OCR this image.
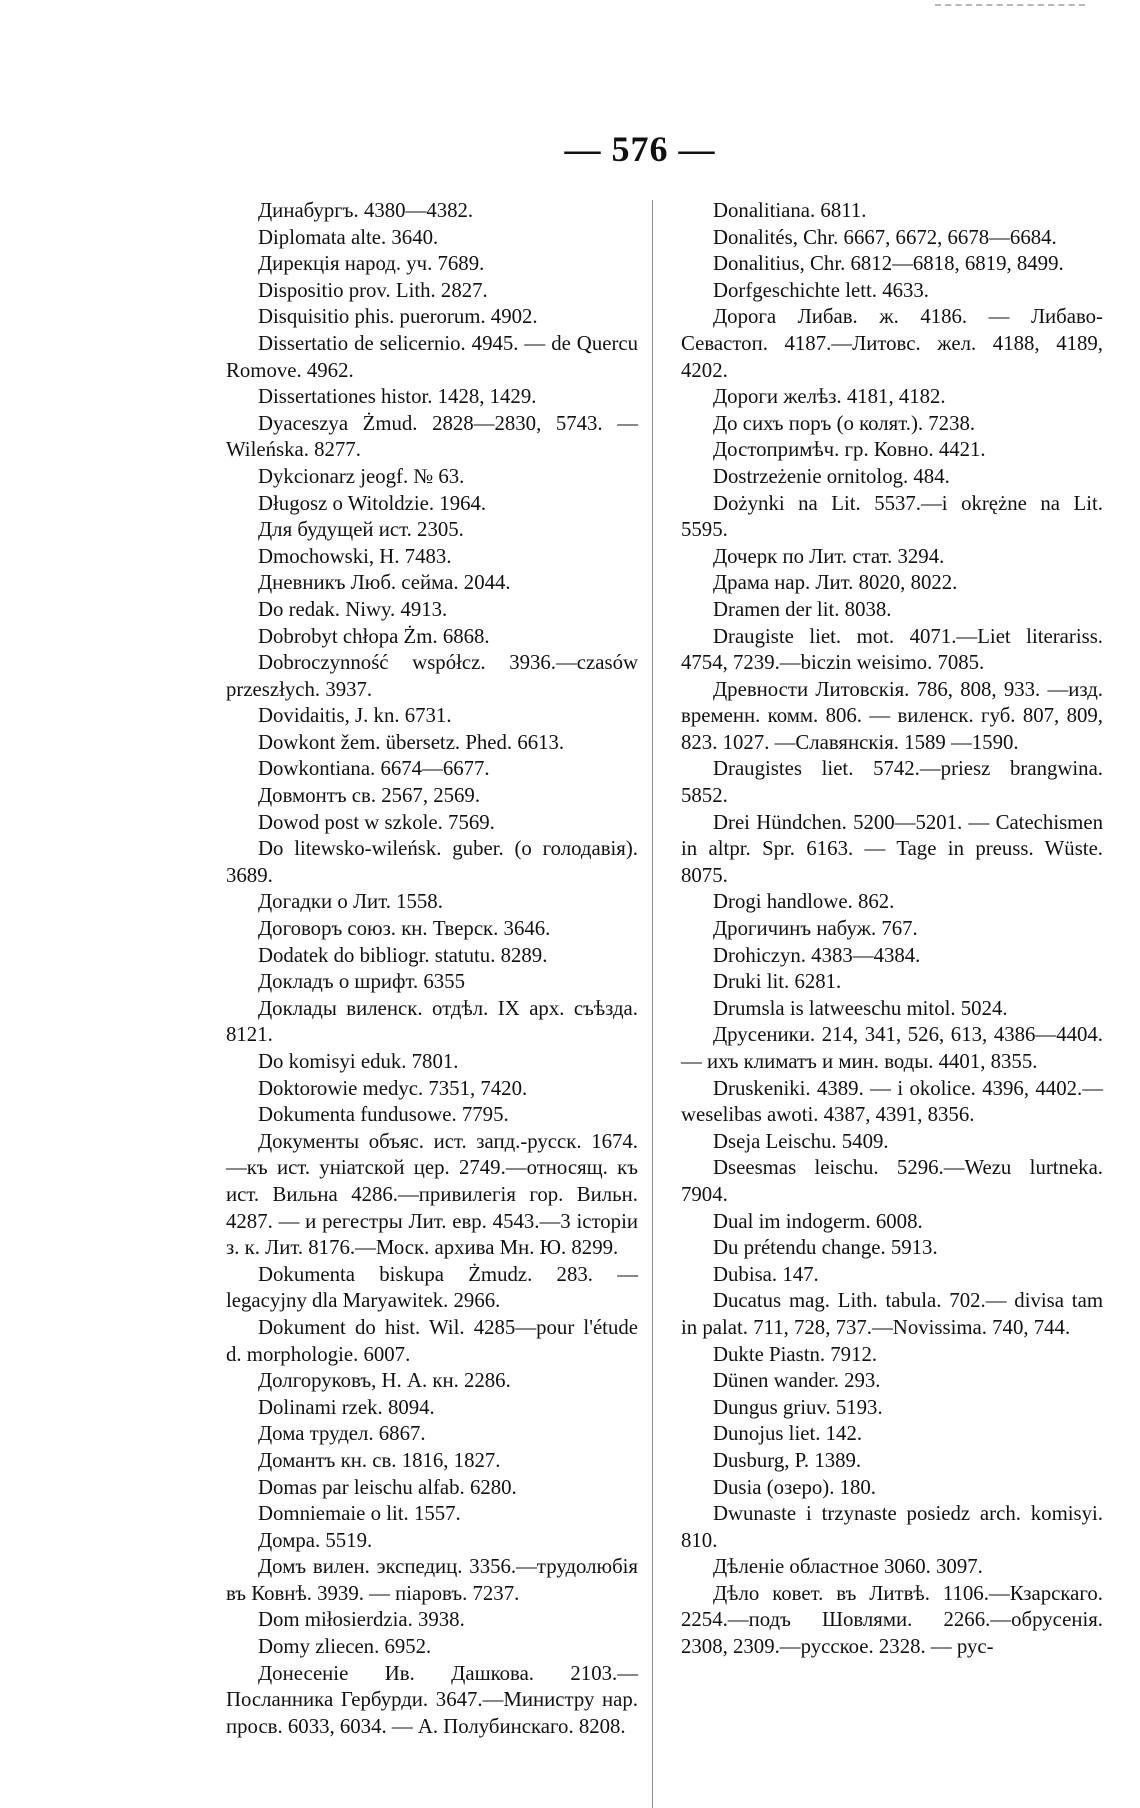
— 576 —

Динабургъ. 4380—4382.

Diplomata alte. 3640.

Дирекція народ. уч. 7689.

Dispositio prov. Lith. 2827.

Disquisitio phis. puerorum. 4902.

Dissertatio de selicernio. 4945. — de Quercu Romove. 4962.

Dissertationes histor. 1428, 1429.

Dyaceszya Żmud. 2828—2830, 5743. —Wileńska. 8277.

Dykcionarz jeogf. № 63.

Długosz o Witoldzie. 1964.

Для будущей ист. 2305.

Dmochowski, H. 7483.

Дневникъ Люб. сейма. 2044.

Do redak. Niwy. 4913.

Dobrobyt chłopa Żm. 6868.

Dobroczynność współcz. 3936.—czasów przeszłych. 3937.

Dovidaitis, J. kn. 6731.

Dowkont žem. übersetz. Phed. 6613.

Dowkontiana. 6674—6677.

Довмонтъ св. 2567, 2569.

Dowod post w szkole. 7569.

Do litewsko-wileńsk. guber. (о голодавія). 3689.

Догадки о Лит. 1558.

Договоръ союз. кн. Тверск. 3646.

Dodatek do bibliogr. statutu. 8289.

Докладъ о шрифт. 6355

Доклады виленск. отдѣл. IX арх. съѣзда. 8121.

Do komisyi eduk. 7801.

Doktorowie medyc. 7351, 7420.

Dokumenta fundusowe. 7795.

Документы объяс. ист. запд.-русск. 1674.—къ ист. уніатской цер. 2749.—относящ. къ ист. Вильна 4286.—привилегія гор. Вильн. 4287. — и регестры Лит. евр. 4543.—3 історіи з. к. Лит. 8176.—Моск. архива Мн. Ю. 8299.

Dokumenta biskupa Żmudz. 283. — legacyjny dla Maryawitek. 2966.

Dokument do hist. Wil. 4285—pour l'étude d. morphologie. 6007.

Долгоруковъ, Н. А. кн. 2286.

Dolinami rzek. 8094.

Дома трудел. 6867.

Домантъ кн. св. 1816, 1827.

Domas par leischu alfab. 6280.

Domniemaie o lit. 1557.

Домра. 5519.

Домъ вилен. экспедиц. 3356.—трудолюбія въ Ковнѣ. 3939. — піаровъ. 7237.

Dom miłosierdzia. 3938.

Domy zliecen. 6952.

Донесеніе Ив. Дашкова. 2103.—Посланника Гербурди. 3647.—Министру нар. просв. 6033, 6034. — А. Полубинскаго. 8208.

Donalitiana. 6811.

Donalités, Chr. 6667, 6672, 6678—6684.

Donalitius, Chr. 6812—6818, 6819, 8499.

Dorfgeschichte lett. 4633.

Дорога Либав. ж. 4186. — Либаво-Севастоп. 4187.—Литовс. жел. 4188, 4189, 4202.

Дороги желѣз. 4181, 4182.

До сихъ поръ (о колят.). 7238.

Достопримѣч. гр. Ковно. 4421.

Dostrzeżenie ornitolog. 484.

Dożynki na Lit. 5537.—i okrężne na Lit. 5595.

Дочерк по Лит. стат. 3294.

Драма нар. Лит. 8020, 8022.

Dramen der lit. 8038.

Draugiste liet. mot. 4071.—Liet literariss. 4754, 7239.—biczin weisimo. 7085.

Древности Литовскія. 786, 808, 933. —изд. временн. комм. 806. — виленск. губ. 807, 809, 823. 1027. —Славянскія. 1589 —1590.

Draugistes liet. 5742.—priesz brangwina. 5852.

Drei Hündchen. 5200—5201. — Catechismen in altpr. Spr. 6163. — Tage in preuss. Wüste. 8075.

Drogi handlowe. 862.

Дрогичинъ набуж. 767.

Drohiczyn. 4383—4384.

Druki lit. 6281.

Drumsla is latweeschu mitol. 5024.

Друсеники. 214, 341, 526, 613, 4386—4404.— ихъ климатъ и мин. воды. 4401, 8355.

Druskeniki. 4389. — i okolice. 4396, 4402.—weselibas awoti. 4387, 4391, 8356.

Dseja Leischu. 5409.

Dseesmas leischu. 5296.—Wezu lurtneka. 7904.

Dual im indogerm. 6008.

Du prétendu change. 5913.

Dubisa. 147.

Ducatus mag. Lith. tabula. 702.— divisa tam in palat. 711, 728, 737.—Novissima. 740, 744.

Dukte Piastn. 7912.

Dünen wander. 293.

Dungus griuv. 5193.

Dunojus liet. 142.

Dusburg, P. 1389.

Dusia (озеро). 180.

Dwunaste i trzynaste posiedz arch. komisyi. 810.

Дѣленіе областное 3060. 3097.

Дѣло ковет. въ Литвѣ. 1106.—Кзарскаго. 2254.—подъ Шовлями. 2266.—обрусенія. 2308, 2309.—русское. 2328. — рус-
